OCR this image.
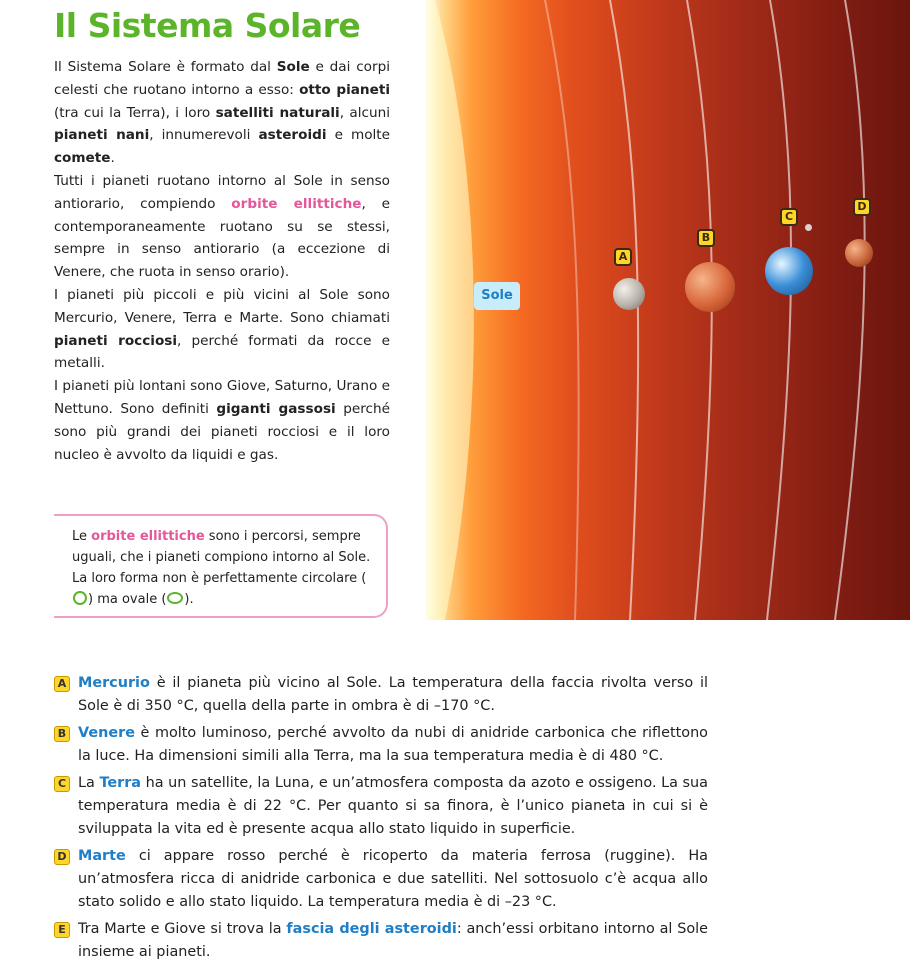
Il Sistema Solare

Il Sistema Solare è formato dal Sole e dai corpi celesti che ruotano intorno a esso: otto pianeti (tra cui la Terra), i loro satelliti naturali, alcuni pianeti nani, innumerevoli asteroidi e molte comete.

Tutti i pianeti ruotano intorno al Sole in senso antiorario, compiendo orbite ellittiche, e contemporaneamente ruotano su se stessi, sempre in senso antiorario (a eccezione di Venere, che ruota in senso orario).

I pianeti più piccoli e più vicini al Sole sono Mercurio, Venere, Terra e Marte. Sono chiamati pianeti rocciosi, perché formati da rocce e metalli.

I pianeti più lontani sono Giove, Saturno, Urano e Nettuno. Sono definiti giganti gassosi perché sono più grandi dei pianeti rocciosi e il loro nucleo è avvolto da liquidi e gas.

Le orbite ellittiche sono i percorsi, sempre uguali, che i pianeti compiono intorno al Sole. La loro forma non è perfettamente circolare () ma ovale ( ).
Sole
A
B
C
D
A Mercurio è il pianeta più vicino al Sole. La temperatura della faccia rivolta verso il Sole è di 350 °C, quella della parte in ombra è di –170 °C.
B Venere è molto luminoso, perché avvolto da nubi di anidride carbonica che riflettono la luce. Ha dimensioni simili alla Terra, ma la sua temperatura media è di 480 °C.
C La Terra ha un satellite, la Luna, e un’atmosfera composta da azoto e ossigeno. La sua temperatura media è di 22 °C. Per quanto si sa finora, è l’unico pianeta in cui si è sviluppata la vita ed è presente acqua allo stato liquido in superficie.
D Marte ci appare rosso perché è ricoperto da materia ferrosa (ruggine). Ha un’atmosfera ricca di anidride carbonica e due satelliti. Nel sottosuolo c’è acqua allo stato solido e allo stato liquido. La temperatura media è di –23 °C.
E Tra Marte e Giove si trova la fascia degli asteroidi: anch’essi orbitano intorno al Sole insieme ai pianeti.
